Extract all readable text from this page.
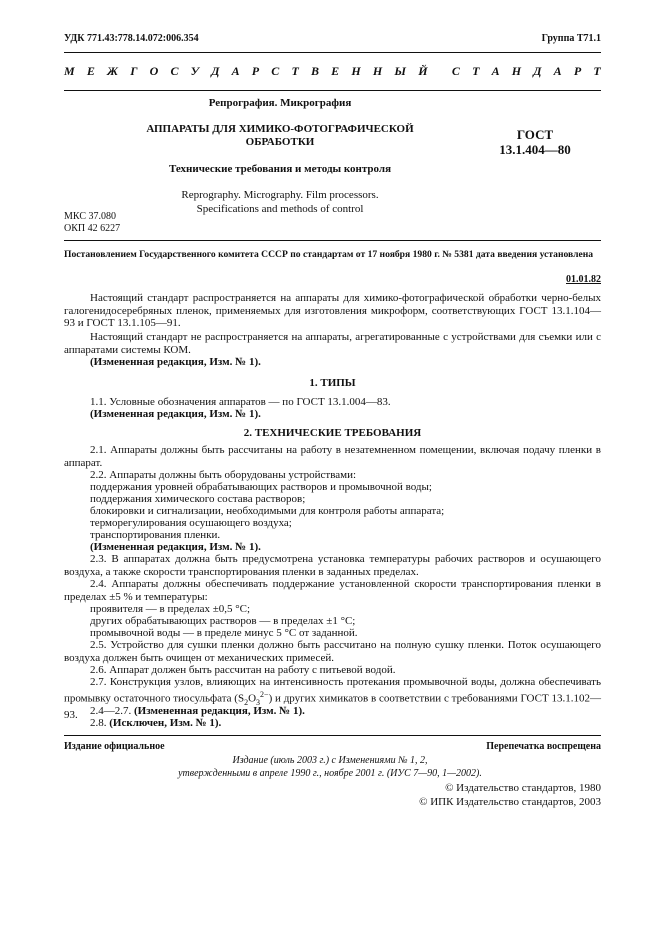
УДК 771.43:778.14.072:006.354	Группа Т71.1
М Е Ж Г О С У Д А Р С Т В Е Н Н Ы Й С Т А Н Д А Р Т
Репрография. Микрография
АППАРАТЫ ДЛЯ ХИМИКО-ФОТОГРАФИЧЕСКОЙ
ОБРАБОТКИ	ГОСТ
13.1.404—80
Технические требования и методы контроля
Reprography. Micrography. Film processors.
Specifications and methods of control
МКС 37.080
ОКП 42 6227
Постановлением Государственного комитета СССР по стандартам от 17 ноября 1980 г. № 5381 дата введения установлена
01.01.82
Настоящий стандарт распространяется на аппараты для химико-фотографической обработки черно-белых галогенидосеребряных пленок, применяемых для изготовления микроформ, соответствующих ГОСТ 13.1.104—93 и ГОСТ 13.1.105—91.
Настоящий стандарт не распространяется на аппараты, агрегатированные с устройствами для съемки или с аппаратами системы КОМ.
(Измененная редакция, Изм. № 1).
1. ТИПЫ
1.1. Условные обозначения аппаратов — по ГОСТ 13.1.004—83.
(Измененная редакция, Изм. № 1).
2. ТЕХНИЧЕСКИЕ ТРЕБОВАНИЯ
2.1. Аппараты должны быть рассчитаны на работу в незатемненном помещении, включая подачу пленки в аппарат.
2.2. Аппараты должны быть оборудованы устройствами:
поддержания уровней обрабатывающих растворов и промывочной воды;
поддержания химического состава растворов;
блокировки и сигнализации, необходимыми для контроля работы аппарата;
терморегулирования осушающего воздуха;
транспортирования пленки.
(Измененная редакция, Изм. № 1).
2.3. В аппаратах должна быть предусмотрена установка температуры рабочих растворов и осушающего воздуха, а также скорости транспортирования пленки в заданных пределах.
2.4. Аппараты должны обеспечивать поддержание установленной скорости транспортирования пленки в пределах ±5 % и температуры:
проявителя — в пределах ±0,5 °С;
других обрабатывающих растворов — в пределах ±1 °С;
промывочной воды — в пределе минус 5 °С от заданной.
2.5. Устройство для сушки пленки должно быть рассчитано на полную сушку пленки. Поток осушающего воздуха должен быть очищен от механических примесей.
2.6. Аппарат должен быть рассчитан на работу с питьевой водой.
2.7. Конструкция узлов, влияющих на интенсивность протекания промывочной воды, должна обеспечивать промывку остаточного тиосульфата $(S_2O_3^{2-})$ и других химикатов в соответствии с требованиями ГОСТ 13.1.102—93.	2.4—2.7. (Измененная редакция, Изм. № 1).
2.8. (Исключен, Изм. № 1).
Издание официальное	Перепечатка воспрещена
Издание (июль 2003 г.) с Изменениями № 1, 2,
утвержденными в апреле 1990 г., ноябре 2001 г. (ИУС 7—90, 1—2002).
© Издательство стандартов, 1980
© ИПК Издательство стандартов, 2003
